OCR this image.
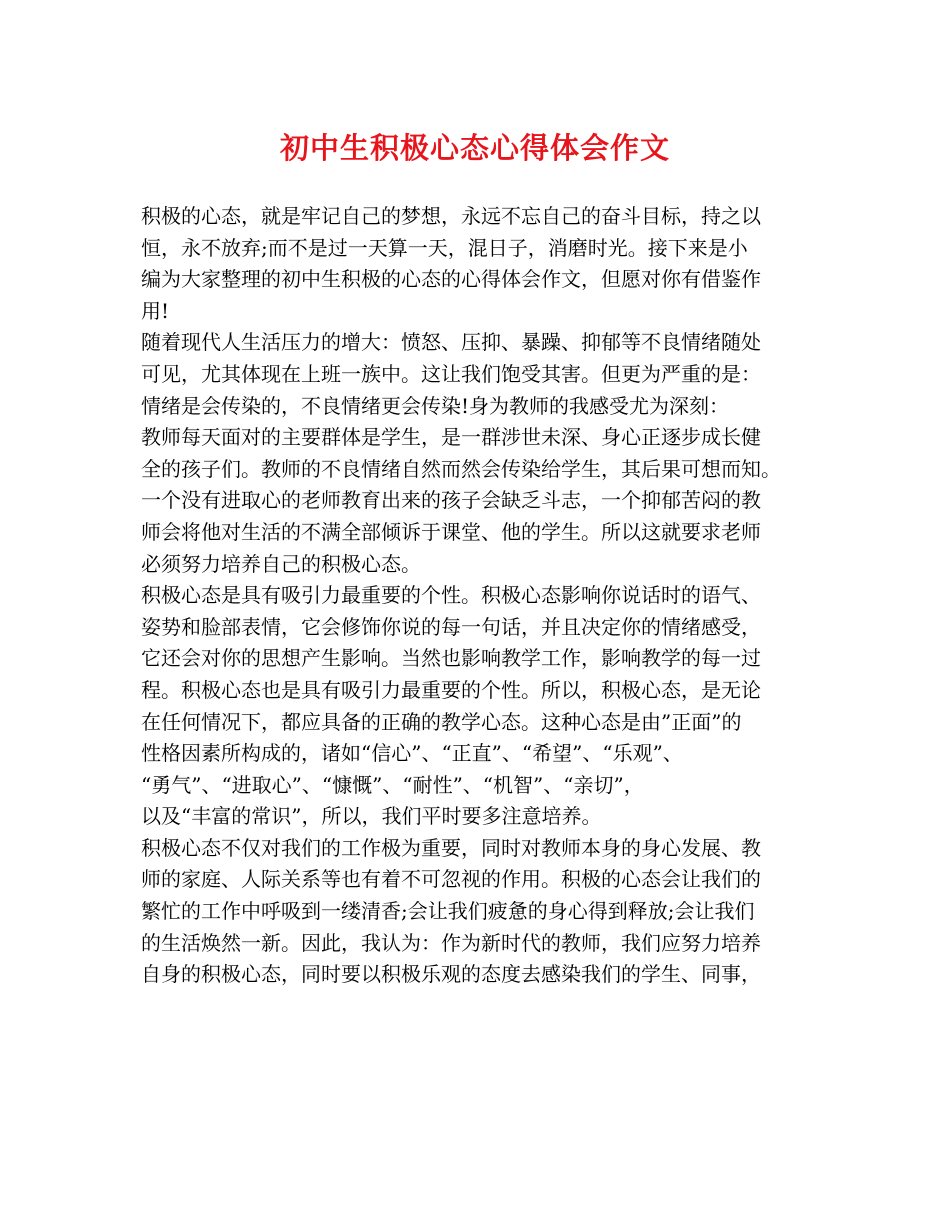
初中生积极心态心得体会作文
积极的心态，就是牢记自己的梦想，永远不忘自己的奋斗目标，持之以
恒，永不放弃;而不是过一天算一天，混日子，消磨时光。接下来是小
编为大家整理的初中生积极的心态的心得体会作文，但愿对你有借鉴作
用!
随着现代人生活压力的增大：愤怒、压抑、暴躁、抑郁等不良情绪随处
可见，尤其体现在上班一族中。这让我们饱受其害。但更为严重的是：
情绪是会传染的，不良情绪更会传染!身为教师的我感受尤为深刻：
教师每天面对的主要群体是学生，是一群涉世未深、身心正逐步成长健
全的孩子们。教师的不良情绪自然而然会传染给学生，其后果可想而知。
一个没有进取心的老师教育出来的孩子会缺乏斗志，一个抑郁苦闷的教
师会将他对生活的不满全部倾诉于课堂、他的学生。所以这就要求老师
必须努力培养自己的积极心态。
积极心态是具有吸引力最重要的个性。积极心态影响你说话时的语气、
姿势和脸部表情，它会修饰你说的每一句话，并且决定你的情绪感受，
它还会对你的思想产生影响。当然也影响教学工作，影响教学的每一过
程。积极心态也是具有吸引力最重要的个性。所以，积极心态，是无论
在任何情况下，都应具备的正确的教学心态。这种心态是由”正面”的
性格因素所构成的，诸如“信心”、“正直”、“希望”、“乐观”、
“勇气”、“进取心”、“慷慨”、“耐性”、“机智”、“亲切”，
以及“丰富的常识”，所以，我们平时要多注意培养。
积极心态不仅对我们的工作极为重要，同时对教师本身的身心发展、教
师的家庭、人际关系等也有着不可忽视的作用。积极的心态会让我们的
繁忙的工作中呼吸到一缕清香;会让我们疲惫的身心得到释放;会让我们
的生活焕然一新。因此，我认为：作为新时代的教师，我们应努力培养
自身的积极心态，同时要以积极乐观的态度去感染我们的学生、同事，
